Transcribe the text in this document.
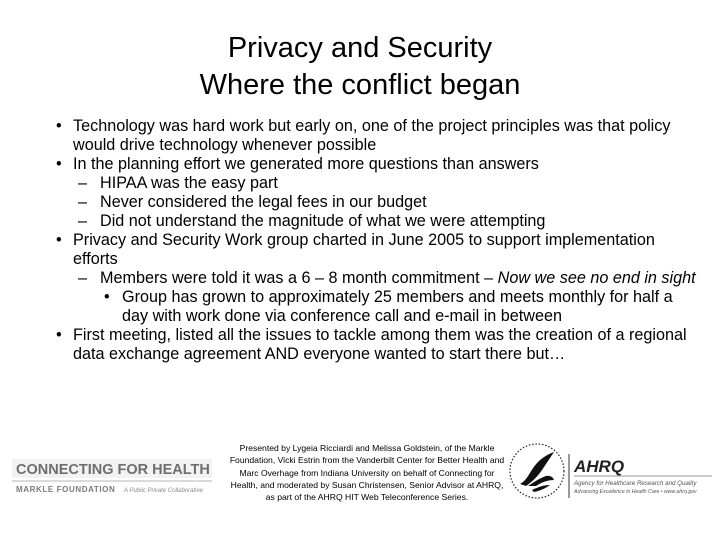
Privacy and Security
Where the conflict began
• Technology was hard work but early on, one of the project principles was that policy would drive technology whenever possible
• In the planning effort we generated more questions than answers
– HIPAA was the easy part
– Never considered the legal fees in our budget
– Did not understand the magnitude of what we were attempting
• Privacy and Security Work group charted in June 2005 to support implementation efforts
– Members were told it was a 6 – 8 month commitment – Now we see no end in sight
• Group has grown to approximately 25 members and meets monthly for half a day with work done via conference call and e-mail in between
• First meeting, listed all the issues to tackle among them was the creation of a regional data exchange agreement AND everyone wanted to start there but…
CONNECTING FOR HEALTH
MARKLE FOUNDATION A Public Private Collaborative
Presented by Lygeia Ricciardi and Melissa Goldstein, of the Markle Foundation, Vicki Estrin from the Vanderbilt Center for Better Health and Marc Overhage from Indiana University on behalf of Connecting for Health, and moderated by Susan Christensen, Senior Advisor at AHRQ, as part of the AHRQ HIT Web Teleconference Series.
AHRQ
Agency for Healthcare Research and Quality
Advancing Excellence in Health Care • www.ahrq.gov
